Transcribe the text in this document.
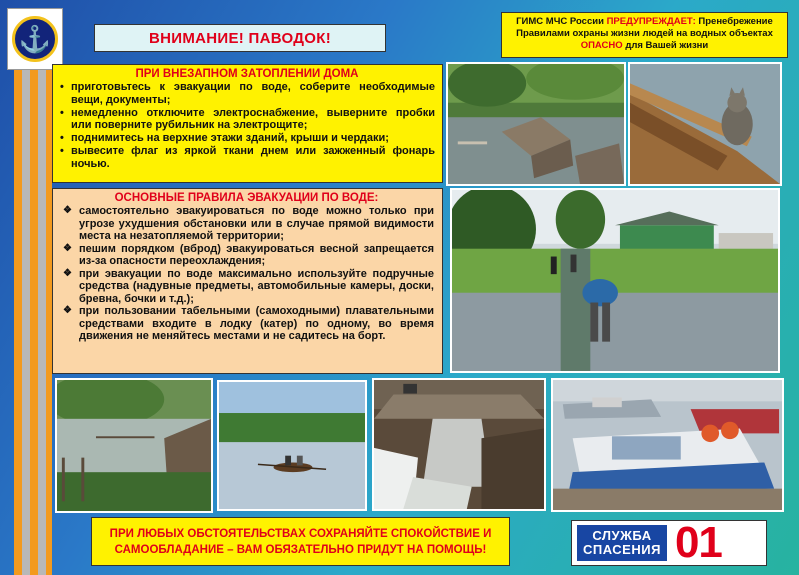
⚓	ВНИМАНИЕ! ПАВОДОК!
ГИМС МЧС России ПРЕДУПРЕЖДАЕТ: Пренебрежение Правилами охраны жизни людей на водных объектах ОПАСНО для Вашей жизни
ПРИ ВНЕЗАПНОМ ЗАТОПЛЕНИИ ДОМА
• приготовьтесь к эвакуации по воде, соберите необходимые вещи, документы;
• немедленно отключите электроснабжение, выверните пробки или поверните рубильник на электрощите;
• поднимитесь на верхние этажи зданий, крыши и чердаки;
• вывесите флаг из яркой ткани днем или зажженный фонарь ночью.
ОСНОВНЫЕ ПРАВИЛА ЭВАКУАЦИИ ПО ВОДЕ:
❖ самостоятельно эвакуироваться по воде можно только при угрозе ухудшения обстановки или в случае прямой видимости места на незатопляемой территории;
❖ пешим порядком (вброд) эвакуироваться весной запрещается из-за опасности переохлаждения;
❖ при эвакуации по воде максимально используйте подручные средства (надувные предметы, автомобильные камеры, доски, бревна, бочки и т.д.);
❖ при пользовании табельными (самоходными) плавательными средствами входите в лодку (катер) по одному, во время движения не меняйтесь местами и не садитесь на борт.
ПРИ ЛЮБЫХ ОБСТОЯТЕЛЬСТВАХ СОХРАНЯЙТЕ СПОКОЙСТВИЕ И САМООБЛАДАНИЕ – ВАМ ОБЯЗАТЕЛЬНО ПРИДУТ НА ПОМОЩЬ!
СЛУЖБА
СПАСЕНИЯ 01
